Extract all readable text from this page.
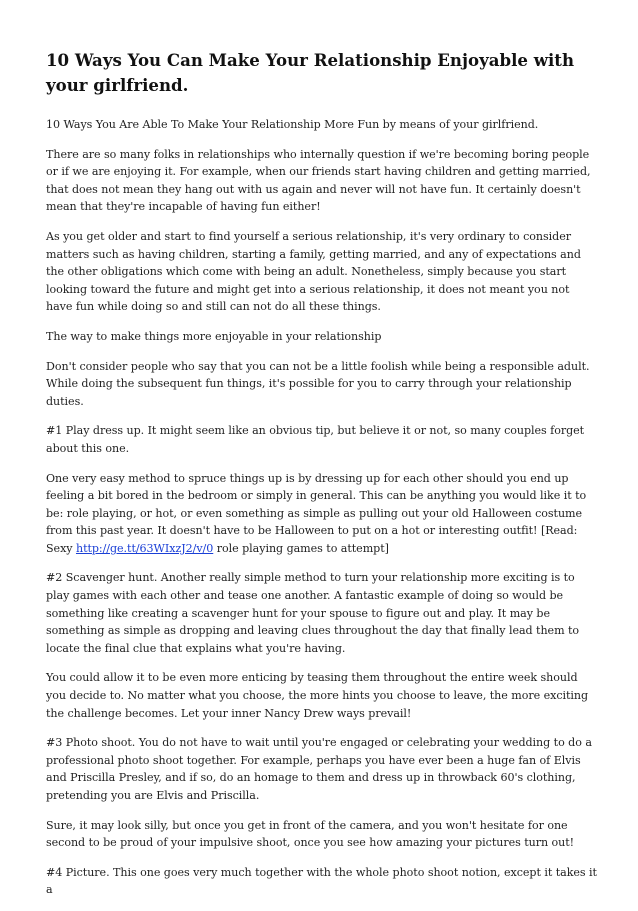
10 Ways You Can Make Your Relationship Enjoyable with your girlfriend.

10 Ways You Are Able To Make Your Relationship More Fun by means of your girlfriend.

There are so many folks in relationships who internally question if we're becoming boring people or if we are enjoying it. For example, when our friends start having children and getting married, that does not mean they hang out with us again and never will not have fun. It certainly doesn't mean that they're incapable of having fun either!

As you get older and start to find yourself a serious relationship, it's very ordinary to consider matters such as having children, starting a family, getting married, and any of expectations and the other obligations which come with being an adult. Nonetheless, simply because you start looking toward the future and might get into a serious relationship, it does not meant you not have fun while doing so and still can not do all these things.

The way to make things more enjoyable in your relationship

Don't consider people who say that you can not be a little foolish while being a responsible adult. While doing the subsequent fun things, it's possible for you to carry through your relationship duties.

#1 Play dress up. It might seem like an obvious tip, but believe it or not, so many couples forget about this one.

One very easy method to spruce things up is by dressing up for each other should you end up feeling a bit bored in the bedroom or simply in general. This can be anything you would like it to be: role playing, or hot, or even something as simple as pulling out your old Halloween costume from this past year. It doesn't have to be Halloween to put on a hot or interesting outfit! [Read: Sexy http://ge.tt/63WIxzJ2/v/0 role playing games to attempt]

#2 Scavenger hunt. Another really simple method to turn your relationship more exciting is to play games with each other and tease one another. A fantastic example of doing so would be something like creating a scavenger hunt for your spouse to figure out and play. It may be something as simple as dropping and leaving clues throughout the day that finally lead them to locate the final clue that explains what you're having.

You could allow it to be even more enticing by teasing them throughout the entire week should you decide to. No matter what you choose, the more hints you choose to leave, the more exciting the challenge becomes. Let your inner Nancy Drew ways prevail!

#3 Photo shoot. You do not have to wait until you're engaged or celebrating your wedding to do a professional photo shoot together. For example, perhaps you have ever been a huge fan of Elvis and Priscilla Presley, and if so, do an homage to them and dress up in throwback 60's clothing, pretending you are Elvis and Priscilla.

Sure, it may look silly, but once you get in front of the camera, and you won't hesitate for one second to be proud of your impulsive shoot, once you see how amazing your pictures turn out!

#4 Picture. This one goes very much together with the whole photo shoot notion, except it takes it a
